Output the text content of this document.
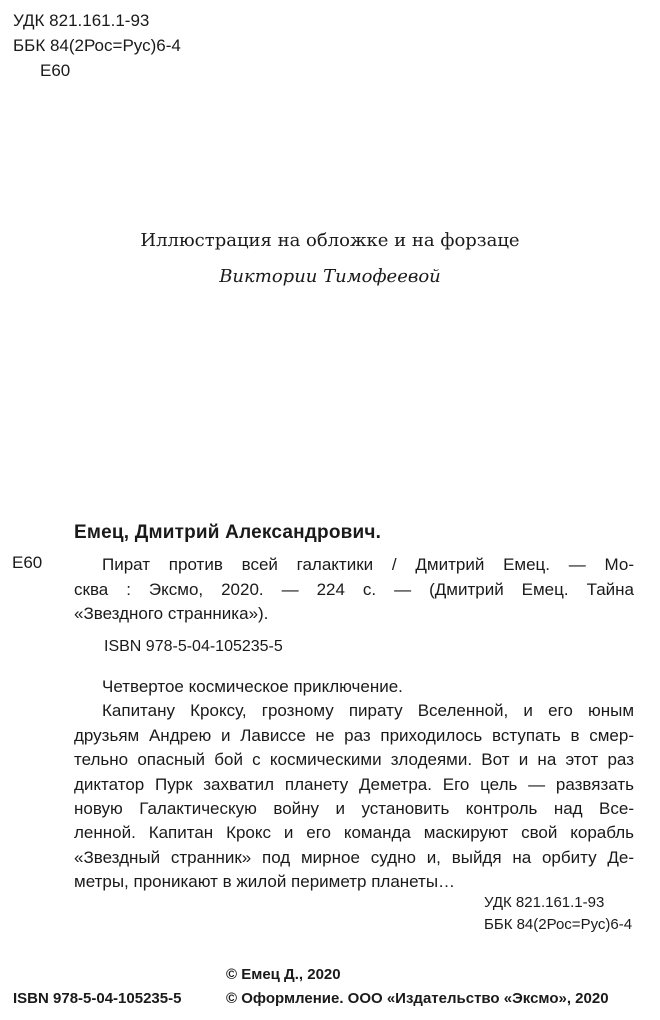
УДК 821.161.1-93
ББК 84(2Рос=Рус)6-4
Е60
Иллюстрация на обложке и на форзаце
Виктории Тимофеевой
Емец, Дмитрий Александрович.
Е60	Пират против всей галактики / Дмитрий Емец. — Мо-
сква : Эксмо, 2020. — 224 с. — (Дмитрий Емец. Тайна
«Звездного странника»).
ISBN 978-5-04-105235-5
Четвертое космическое приключение.
Капитану Кроксу, грозному пирату Вселенной, и его юным
друзьям Андрею и Лависсе не раз приходилось вступать в смер-
тельно опасный бой с космическими злодеями. Вот и на этот раз
диктатор Пурк захватил планету Деметра. Его цель — развязать
новую Галактическую войну и установить контроль над Все-
ленной. Капитан Крокс и его команда маскируют свой корабль
«Звездный странник» под мирное судно и, выйдя на орбиту Де-
метры, проникают в жилой периметр планеты…
УДК 821.161.1-93
ББК 84(2Рос=Рус)6-4
© Емец Д., 2020
ISBN 978-5-04-105235-5	© Оформление. ООО «Издательство «Эксмо», 2020
